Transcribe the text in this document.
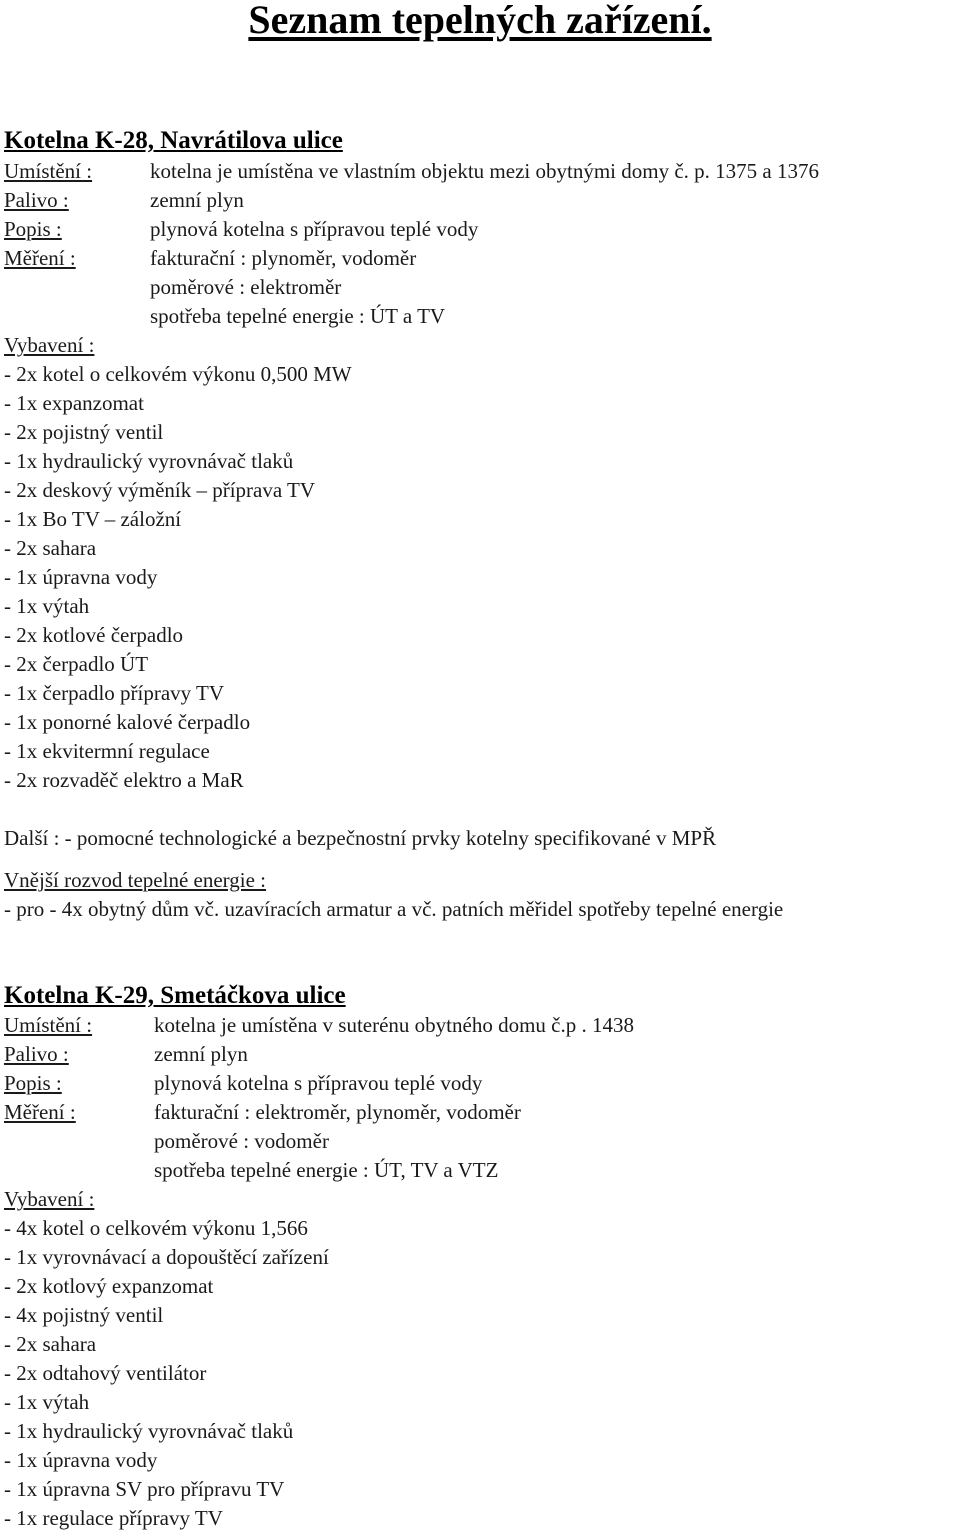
Seznam tepelných zařízení.
Kotelna K-28, Navrátilova ulice
Umístění :	kotelna je umístěna ve vlastním objektu mezi obytnými domy č. p. 1375 a 1376
Palivo :	zemní plyn
Popis :	plynová kotelna s přípravou teplé vody
Měření :	fakturační : plynoměr, vodoměr
poměrové : elektroměr
spotřeba tepelné energie : ÚT a TV
Vybavení :
- 2x kotel o celkovém výkonu 0,500 MW
- 1x expanzomat
- 2x pojistný ventil
- 1x hydraulický vyrovnávač tlaků
- 2x deskový výměník – příprava TV
- 1x Bo TV – záložní
- 2x sahara
- 1x úpravna vody
- 1x výtah
- 2x kotlové čerpadlo
- 2x čerpadlo ÚT
- 1x čerpadlo přípravy TV
- 1x ponorné kalové čerpadlo
- 1x ekvitermní regulace
- 2x rozvaděč elektro a MaR
Další : - pomocné technologické a bezpečnostní prvky kotelny specifikované v MPŘ
Vnější rozvod tepelné energie :
- pro - 4x obytný dům vč. uzavíracích armatur a vč. patních měřidel spotřeby tepelné energie
Kotelna K-29, Smetáčkova ulice
Umístění :	kotelna je umístěna v suterénu obytného domu č.p . 1438
Palivo :	zemní plyn
Popis :	plynová kotelna s přípravou teplé vody
Měření :	fakturační : elektroměr, plynoměr, vodoměr
poměrové : vodoměr
spotřeba tepelné energie : ÚT, TV a VTZ
Vybavení :
- 4x kotel o celkovém výkonu 1,566
- 1x vyrovnávací a dopouštěcí zařízení
- 2x kotlový expanzomat
- 4x pojistný ventil
- 2x sahara
- 2x odtahový ventilátor
- 1x výtah
- 1x hydraulický vyrovnávač tlaků
- 1x úpravna vody
- 1x úpravna SV pro přípravu TV
- 1x regulace přípravy TV
